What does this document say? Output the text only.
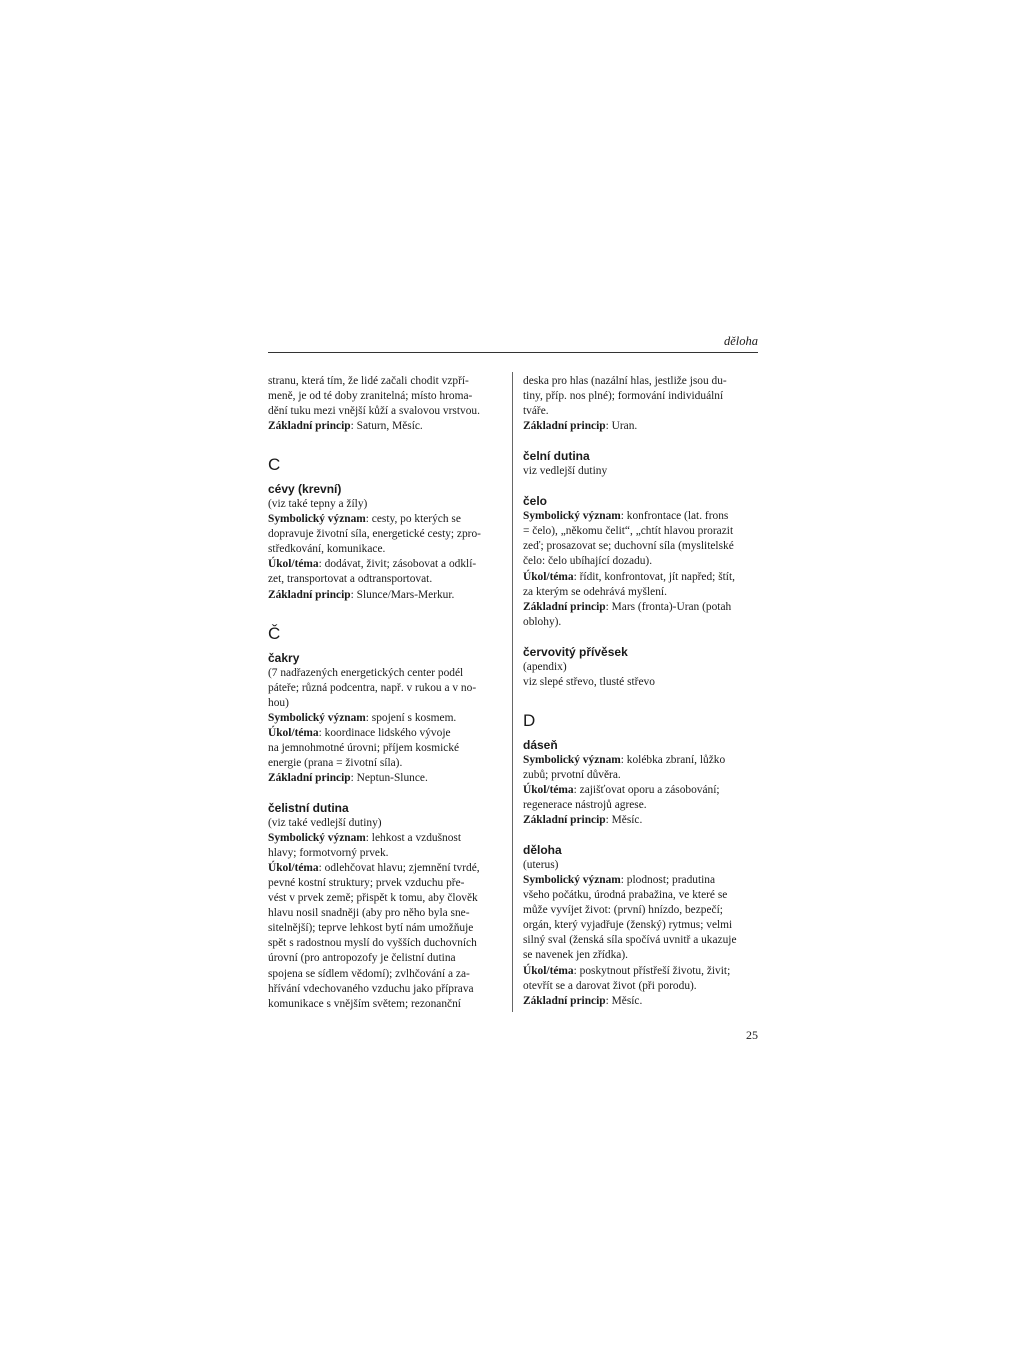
děloha
stranu, která tím, že lidé začali chodit vzpří-
meně, je od té doby zranitelná; místo hroma-
dění tuku mezi vnější kůží a svalovou vrstvou.
Základní princip: Saturn, Měsíc.
C
cévy (krevní)
(viz také tepny a žíly)
Symbolický význam: cesty, po kterých se
dopravuje životní síla, energetické cesty; zpro-
středkování, komunikace.
Úkol/téma: dodávat, živit; zásobovat a odklí-
zet, transportovat a odtransportovat.
Základní princip: Slunce/Mars-Merkur.
Č
čakry
(7 nadřazených energetických center podél
páteře; různá podcentra, např. v rukou a v no-
hou)
Symbolický význam: spojení s kosmem.
Úkol/téma: koordinace lidského vývoje
na jemnohmotné úrovni; příjem kosmické
energie (prana = životní síla).
Základní princip: Neptun-Slunce.
čelistní dutina
(viz také vedlejší dutiny)
Symbolický význam: lehkost a vzdušnost
hlavy; formotvorný prvek.
Úkol/téma: odlehčovat hlavu; zjemnění tvrdé,
pevné kostní struktury; prvek vzduchu pře-
vést v prvek země; přispět k tomu, aby člověk
hlavu nosil snadněji (aby pro něho byla sne-
sitelnější); teprve lehkost bytí nám umožňuje
spět s radostnou myslí do vyšších duchovních
úrovní (pro antropozofy je čelistní dutina
spojena se sídlem vědomí); zvlhčování a za-
hřívání vdechovaného vzduchu jako příprava
komunikace s vnějším světem; rezonanční
deska pro hlas (nazální hlas, jestliže jsou du-
tiny, příp. nos plné); formování individuální
tváře.
Základní princip: Uran.
čelní dutina
viz vedlejší dutiny
čelo
Symbolický význam: konfrontace (lat. frons
= čelo), „někomu čelit“, „chtít hlavou prorazit
zeď; prosazovat se; duchovní síla (myslitelské
čelo: čelo ubíhající dozadu).
Úkol/téma: řídit, konfrontovat, jít napřed; štít,
za kterým se odehrává myšlení.
Základní princip: Mars (fronta)-Uran (potah
oblohy).
červovitý přívěsek
(apendix)
viz slepé střevo, tlusté střevo
D
dáseň
Symbolický význam: kolébka zbraní, lůžko
zubů; prvotní důvěra.
Úkol/téma: zajišťovat oporu a zásobování;
regenerace nástrojů agrese.
Základní princip: Měsíc.
děloha
(uterus)
Symbolický význam: plodnost; pradutina
všeho počátku, úrodná prabažina, ve které se
může vyvíjet život: (první) hnízdo, bezpečí;
orgán, který vyjadřuje (ženský) rytmus; velmi
silný sval (ženská síla spočívá uvnitř a ukazuje
se navenek jen zřídka).
Úkol/téma: poskytnout přístřeší životu, živit;
otevřít se a darovat život (při porodu).
Základní princip: Měsíc.
25
